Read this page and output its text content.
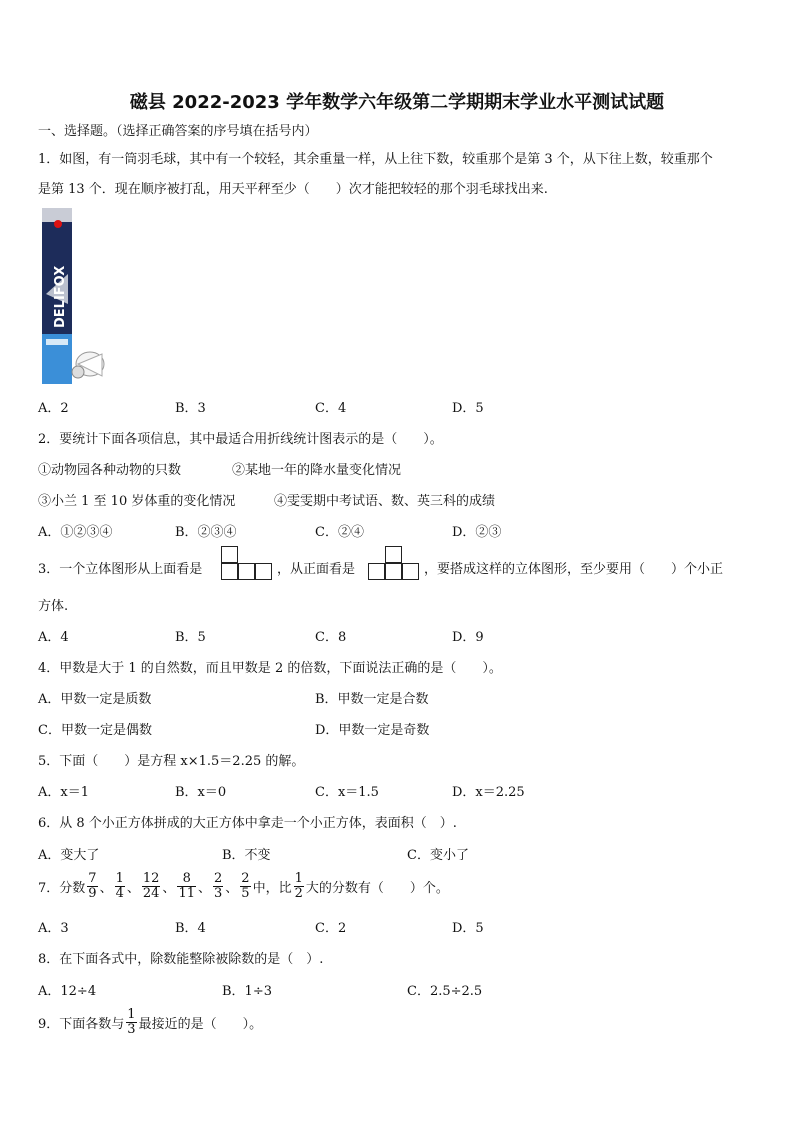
磁县 2022-2023 学年数学六年级第二学期期末学业水平测试试题
一、选择题。（选择正确答案的序号填在括号内）
1．如图，有一筒羽毛球，其中有一个较轻，其余重量一样，从上往下数，较重那个是第 3 个，从下往上数，较重那个
是第 13 个．现在顺序被打乱，用天平秤至少（　　）次才能把较轻的那个羽毛球找出来.
A．2	B．3	C．4	D．5
2．要统计下面各项信息，其中最适合用折线统计图表示的是（　　）。
①动物园各种动物的只数	②某地一年的降水量变化情况
③小兰 1 至 10 岁体重的变化情况	④雯雯期中考试语、数、英三科的成绩
A．①②③④	B．②③④	C．②④	D．②③
3．一个立体图形从上面看是	，从正面看是	，要搭成这样的立体图形，至少要用（　　）个小正
方体.
A．4	B．5	C．8	D．9
4．甲数是大于 1 的自然数，而且甲数是 2 的倍数，下面说法正确的是（　　）。
A．甲数一定是质数	B．甲数一定是合数
C．甲数一定是偶数	D．甲数一定是奇数
5．下面（　　）是方程 x×1.5＝2.25 的解。
A．x＝1	B．x＝0	C．x＝1.5	D．x＝2.25
6．从 8 个小正方体拼成的大正方体中拿走一个小正方体，表面积（　）.
A．变大了	B．不变	C．变小了
7．分数 $\frac{7}{9}$ 、 $\frac{1}{4}$ 、 $\frac{12}{24}$ 、 $\frac{8}{11}$ 、 $\frac{2}{3}$ 、 $\frac{2}{5}$ 中，比 $\frac{1}{2}$ 大的分数有（　　）个。
A．3	B．4	C．2	D．5
8．在下面各式中，除数能整除被除数的是（　）.
A．12÷4	B．1÷3	C．2.5÷2.5
9．下面各数与 $\frac{1}{3}$ 最接近的是（　　）。
